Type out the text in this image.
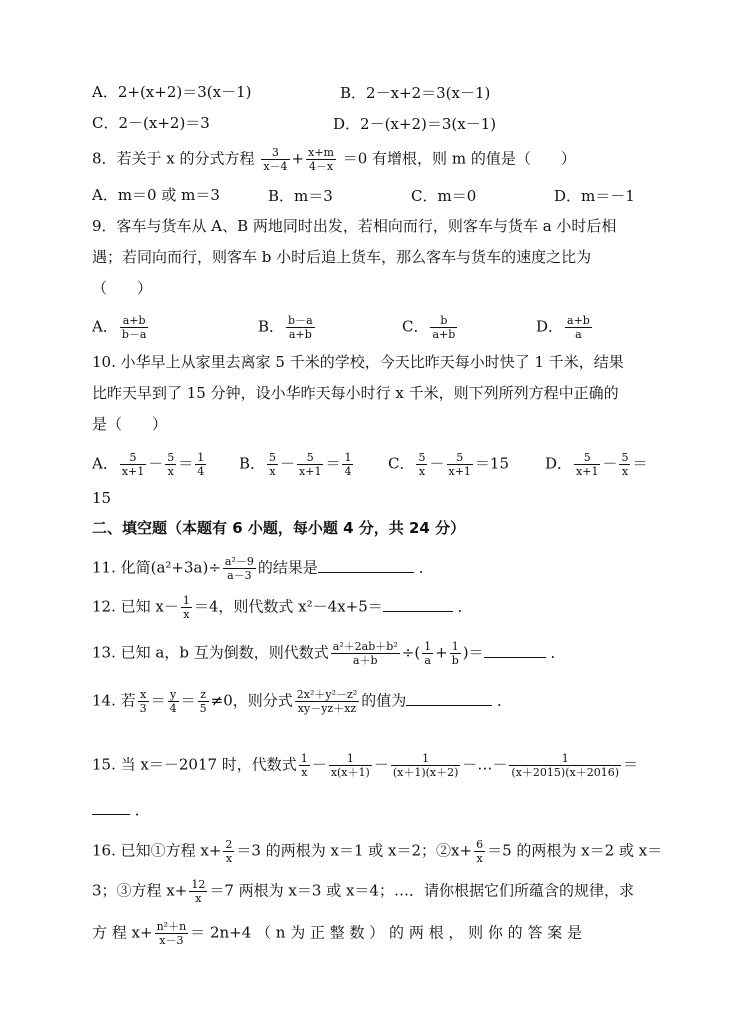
A．2+(x+2)＝3(x－1)	B．2－x+2＝3(x－1)
C．2－(x+2)＝3	D．2－(x+2)＝3(x－1)
8．若关于 x 的分式方程 $\frac{3}{x-4} + \frac{x+m}{4-x} =0$ 有增根，则 m 的值是（　　）
A．m＝0 或 m＝3	B．m＝3	C．m＝0	D．m＝－1
9．客车与货车从 A、B 两地同时出发，若相向而行，则客车与货车 a 小时后相
遇；若同向而行，则客车 b 小时后追上货车，那么客车与货车的速度之比为
（　　）
A． $\frac{a+b}{b-a}$	B． $\frac{b-a}{a+b}$	C． $\frac{b}{a+b}$	D． $\frac{a+b}{a}$
10. 小华早上从家里去离家 5 千米的学校，今天比昨天每小时快了 1 千米，结果
比昨天早到了 15 分钟，设小华昨天每小时行 x 千米，则下列所列方程中正确的
是（　　）
A． $\frac{5}{x+1} - \frac{5}{x} = \frac{1}{4}$ B． $\frac{5}{x} - \frac{5}{x+1} = \frac{1}{4}$ C． $\frac{5}{x} - \frac{5}{x+1} =15$ D． $\frac{5}{x+1} - \frac{5}{x}$ ＝
15
二、填空题（本题有 6 小题，每小题 4 分，共 24 分）
11. 化简$(a^2+3a)\div \frac{\text{a²－9}}{a-3}$ 的结果是	．
12. 已知 $x- \frac{1}{x} =4$，则代数式 x²－4x+5＝	．
13. 已知 a，b 互为倒数，则代数式 $\frac{\text{a²＋2ab＋b²}}{a+b}$ ÷( $\frac{1}{a} + \frac{1}{b}$ )＝	．
14. 若 $\frac{x}{3} = \frac{y}{4} = \frac{z}{5} \ne 0$，则分式 $\frac{\text{2x²＋y²－z²}}{xy-yz+xz}$ 的值为	．
15. 当 x＝－2017 时，代数式 $\frac{1}{x} - \frac{1}{x(x+1)} - \frac{1}{(x+1)(x+2)}$ －…－ $\frac{1}{(x+2015)(x+2016)}$ ＝
．
16. 已知①方程 $x+ \frac{2}{x} =3$ 的两根为 x＝1 或 x＝2；②x+ $\frac{6}{x} =5$ 的两根为 x＝2 或 x＝
3；③方程 $x+ \frac{12}{x} =7$ 两根为 x＝3 或 x＝4；…．请你根据它们所蕴含的规律，求
方 程 $x+ \frac{\text{n²＋n}}{x-3} = 2n+4$ （ n 为 正 整 数 ） 的 两 根 ， 则 你 的 答 案 是
